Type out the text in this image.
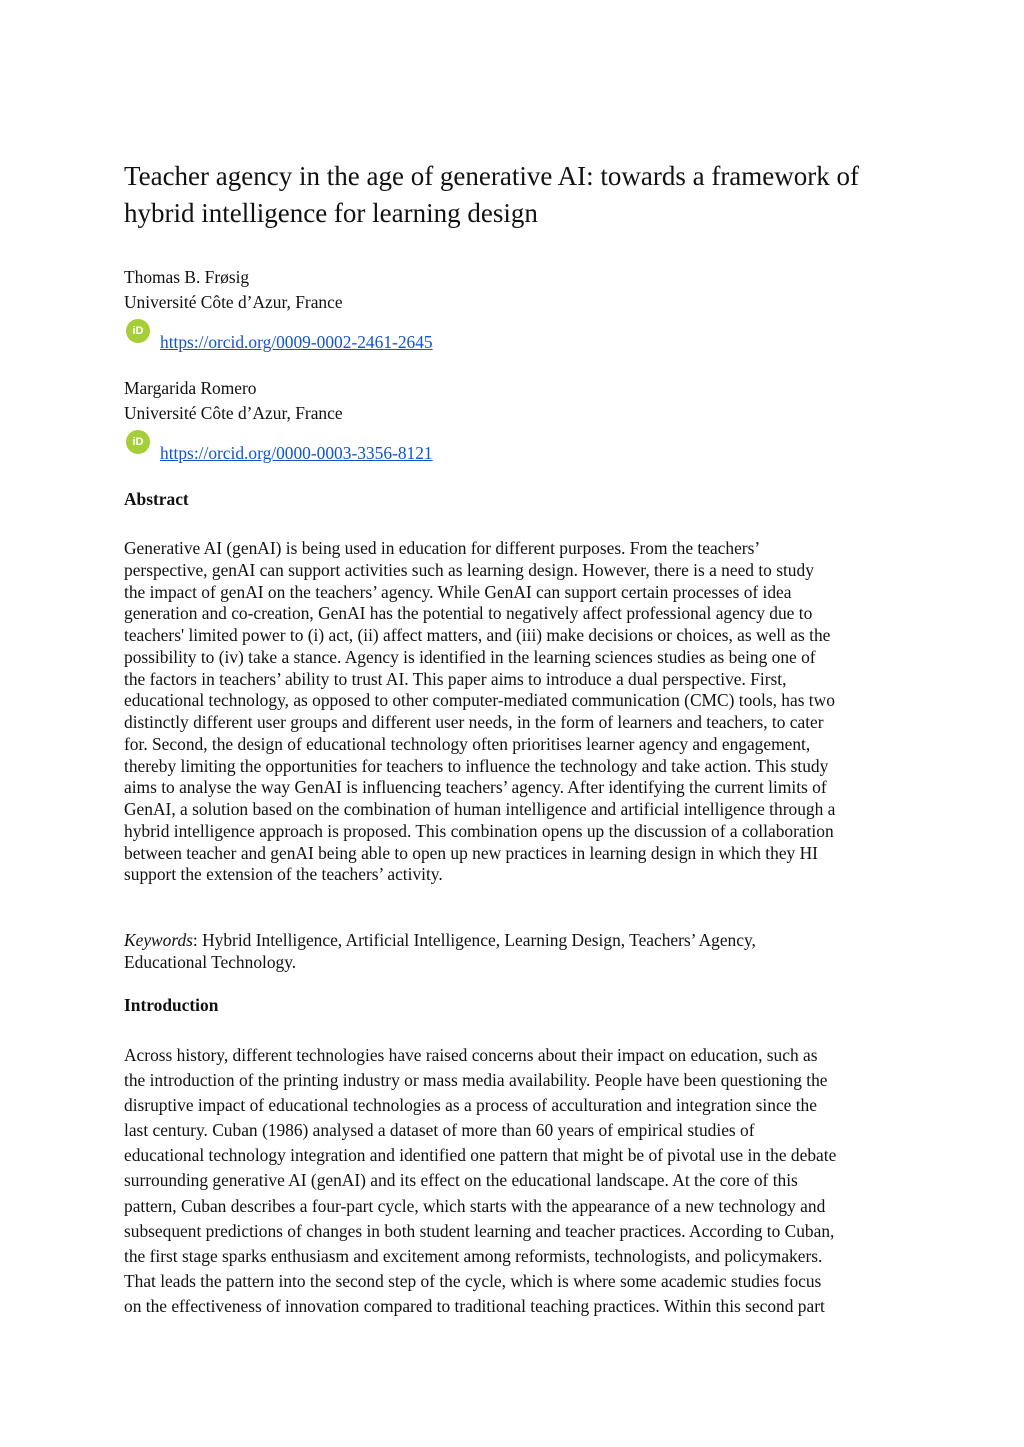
Teacher agency in the age of generative AI: towards a framework of
hybrid intelligence for learning design
Thomas B. Frøsig
Université Côte d’Azur, France
iD
https://orcid.org/0009-0002-2461-2645
Margarida Romero
Université Côte d’Azur, France
iD
https://orcid.org/0000-0003-3356-8121
Abstract
Generative AI (genAI) is being used in education for different purposes. From the teachers’
perspective, genAI can support activities such as learning design. However, there is a need to study
the impact of genAI on the teachers’ agency. While GenAI can support certain processes of idea
generation and co-creation, GenAI has the potential to negatively affect professional agency due to
teachers' limited power to (i) act, (ii) affect matters, and (iii) make decisions or choices, as well as the
possibility to (iv) take a stance. Agency is identified in the learning sciences studies as being one of
the factors in teachers’ ability to trust AI. This paper aims to introduce a dual perspective. First,
educational technology, as opposed to other computer-mediated communication (CMC) tools, has two
distinctly different user groups and different user needs, in the form of learners and teachers, to cater
for. Second, the design of educational technology often prioritises learner agency and engagement,
thereby limiting the opportunities for teachers to influence the technology and take action. This study
aims to analyse the way GenAI is influencing teachers’ agency. After identifying the current limits of
GenAI, a solution based on the combination of human intelligence and artificial intelligence through a
hybrid intelligence approach is proposed. This combination opens up the discussion of a collaboration
between teacher and genAI being able to open up new practices in learning design in which they HI
support the extension of the teachers’ activity.
Keywords: Hybrid Intelligence, Artificial Intelligence, Learning Design, Teachers’ Agency,
Educational Technology.
Introduction
Across history, different technologies have raised concerns about their impact on education, such as
the introduction of the printing industry or mass media availability. People have been questioning the
disruptive impact of educational technologies as a process of acculturation and integration since the
last century. Cuban (1986) analysed a dataset of more than 60 years of empirical studies of
educational technology integration and identified one pattern that might be of pivotal use in the debate
surrounding generative AI (genAI) and its effect on the educational landscape. At the core of this
pattern, Cuban describes a four-part cycle, which starts with the appearance of a new technology and
subsequent predictions of changes in both student learning and teacher practices. According to Cuban,
the first stage sparks enthusiasm and excitement among reformists, technologists, and policymakers.
That leads the pattern into the second step of the cycle, which is where some academic studies focus
on the effectiveness of innovation compared to traditional teaching practices. Within this second part
